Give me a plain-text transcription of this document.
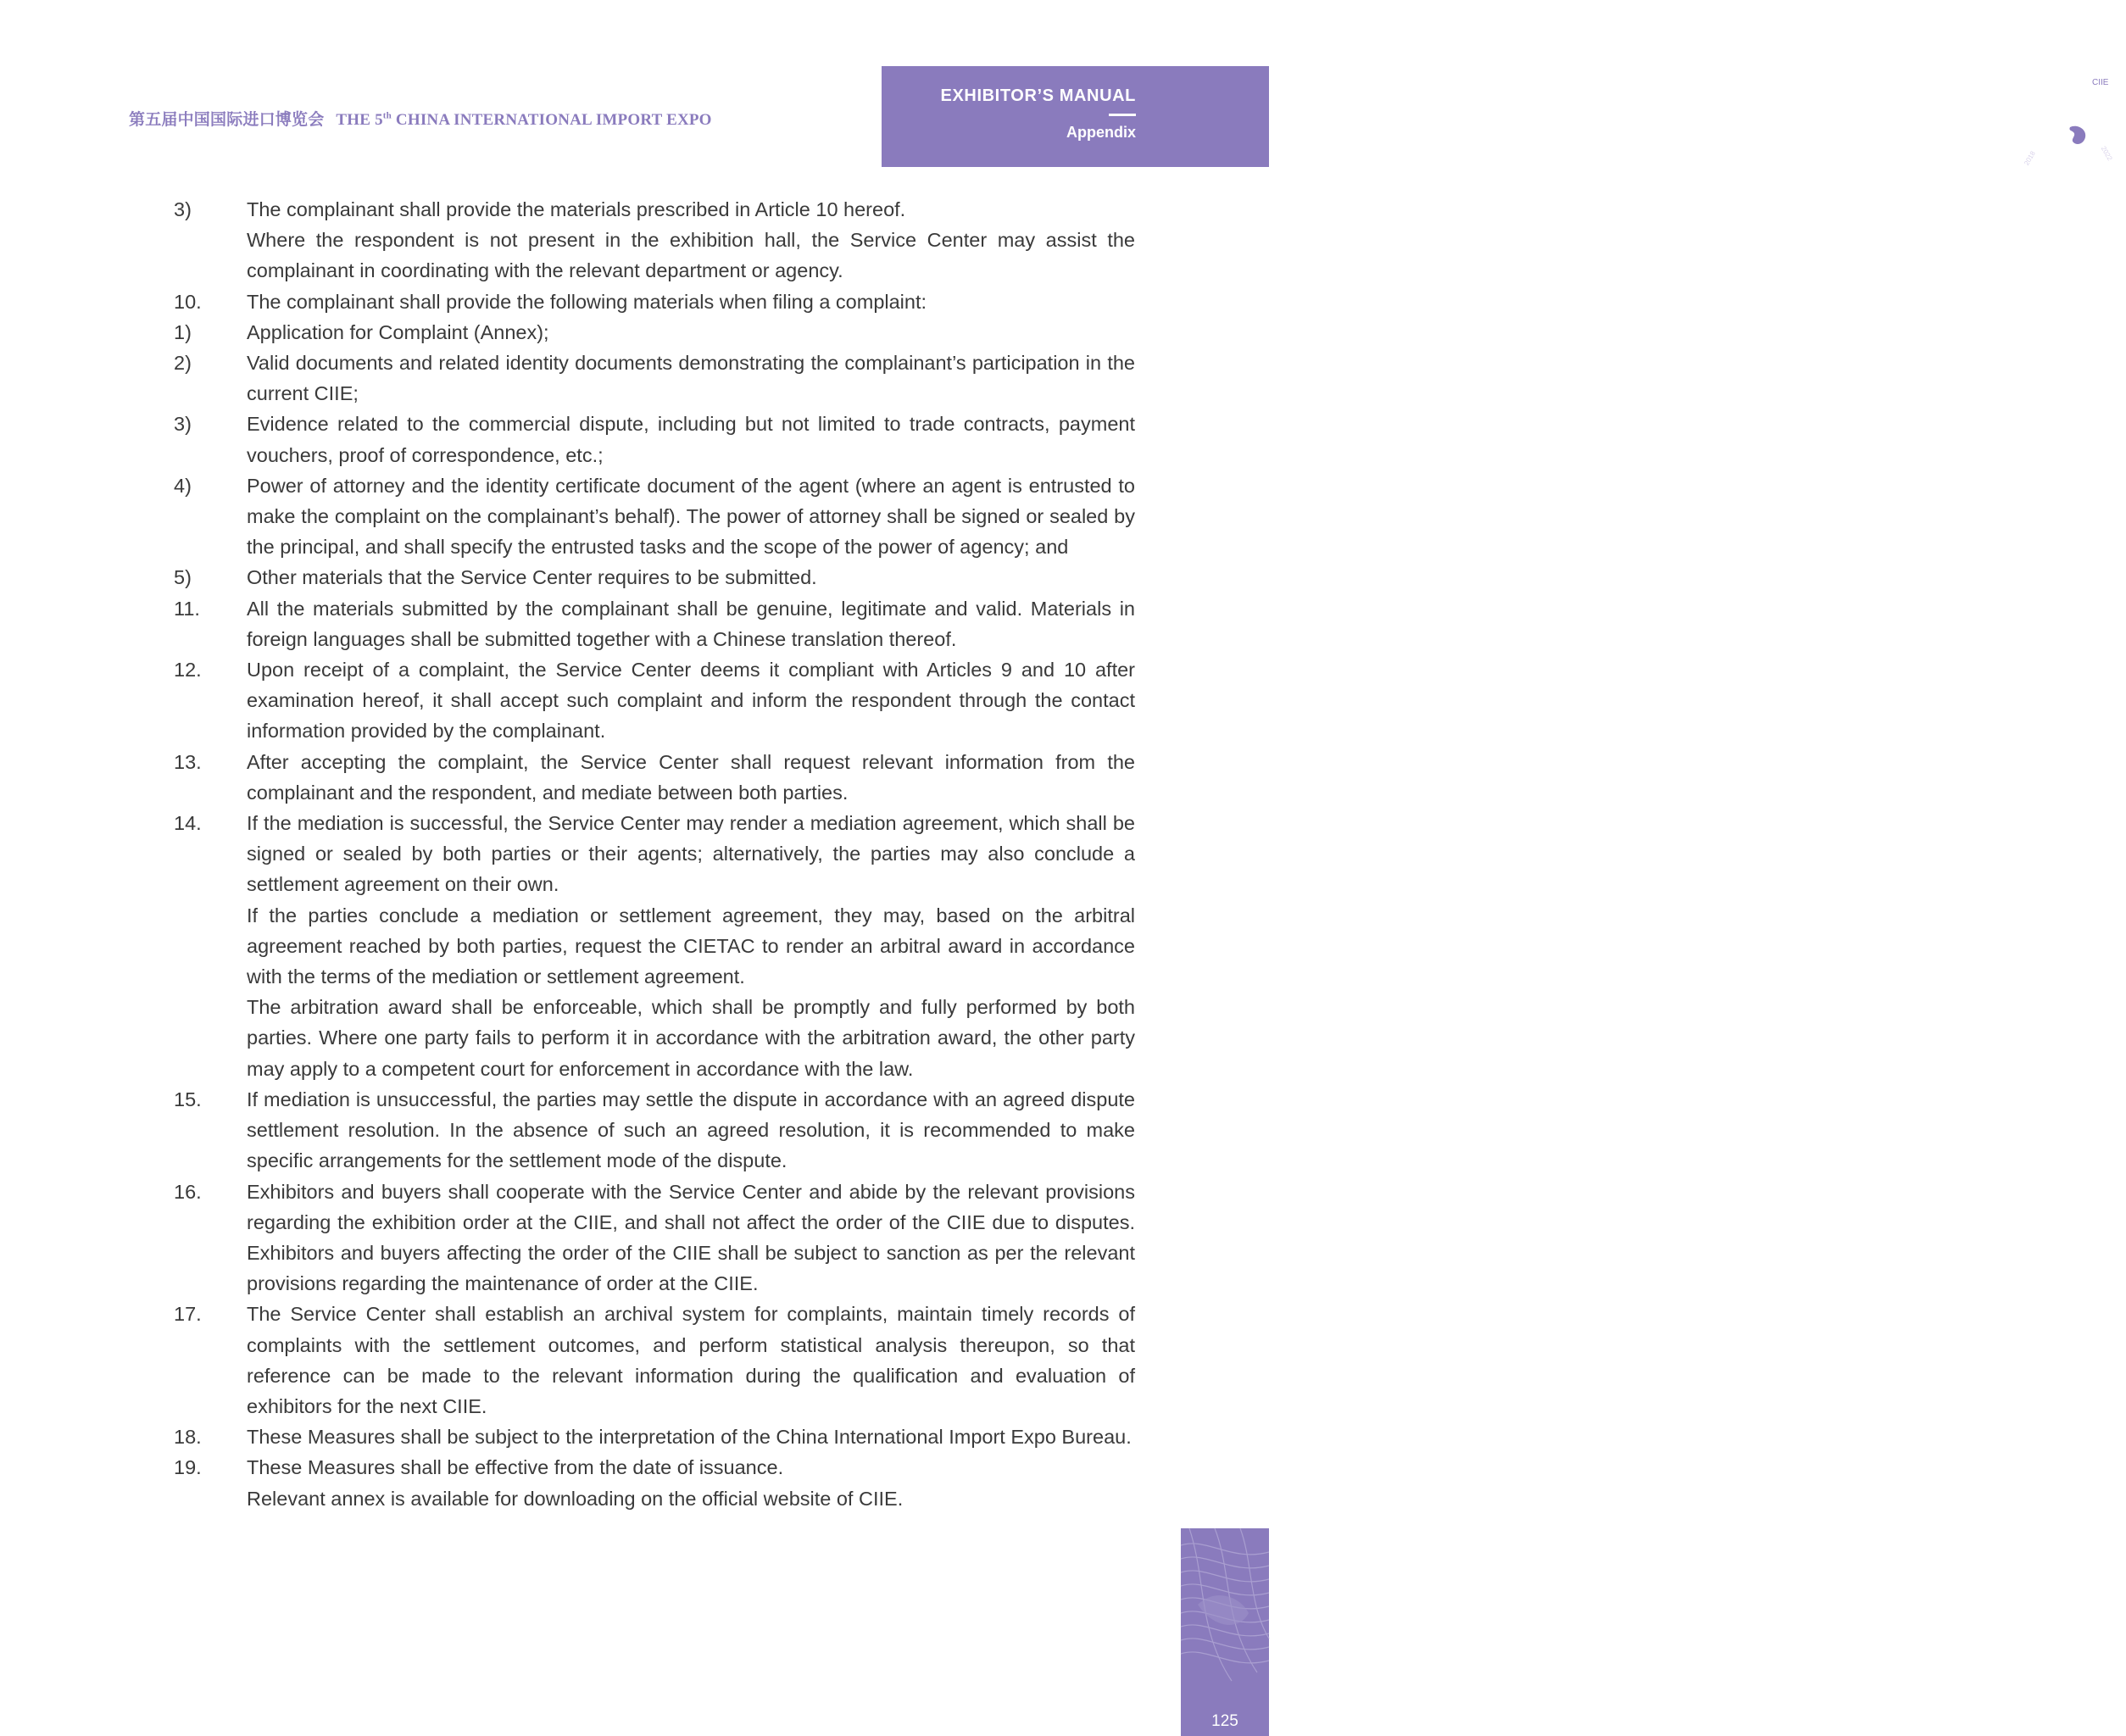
第五届中国国际进口博览会 THE 5th CHINA INTERNATIONAL IMPORT EXPO
EXHIBITOR’S MANUAL
Appendix
CIIE
2018	2022
3)	The complainant shall provide the materials prescribed in Article 10 hereof.
Where the respondent is not present in the exhibition hall, the Service Center may assist the complainant in coordinating with the relevant department or agency.
10. The complainant shall provide the following materials when filing a complaint:
1)	Application for Complaint (Annex);
2)	Valid documents and related identity documents demonstrating the complainant’s participation in the current CIIE;
3)	Evidence related to the commercial dispute, including but not limited to trade contracts, payment vouchers, proof of correspondence, etc.;
4)	Power of attorney and the identity certificate document of the agent (where an agent is entrusted to make the complaint on the complainant’s behalf). The power of attorney shall be signed or sealed by the principal, and shall specify the entrusted tasks and the scope of the power of agency; and
5)	Other materials that the Service Center requires to be submitted.
11. All the materials submitted by the complainant shall be genuine, legitimate and valid. Materials in foreign languages shall be submitted together with a Chinese translation thereof.
12. Upon receipt of a complaint, the Service Center deems it compliant with Articles 9 and 10 after examination hereof, it shall accept such complaint and inform the respondent through the contact information provided by the complainant.
13. After accepting the complaint, the Service Center shall request relevant information from the complainant and the respondent, and mediate between both parties.
14. If the mediation is successful, the Service Center may render a mediation agreement, which shall be signed or sealed by both parties or their agents; alternatively, the parties may also conclude a settlement agreement on their own.
If the parties conclude a mediation or settlement agreement, they may, based on the arbitral agreement reached by both parties, request the CIETAC to render an arbitral award in accordance with the terms of the mediation or settlement agreement.
The arbitration award shall be enforceable, which shall be promptly and fully performed by both parties. Where one party fails to perform it in accordance with the arbitration award, the other party may apply to a competent court for enforcement in accordance with the law.
15. If mediation is unsuccessful, the parties may settle the dispute in accordance with an agreed dispute settlement resolution. In the absence of such an agreed resolution, it is recommended to make specific arrangements for the settlement mode of the dispute.
16. Exhibitors and buyers shall cooperate with the Service Center and abide by the relevant provisions regarding the exhibition order at the CIIE, and shall not affect the order of the CIIE due to disputes. Exhibitors and buyers affecting the order of the CIIE shall be subject to sanction as per the relevant provisions regarding the maintenance of order at the CIIE.
17. The Service Center shall establish an archival system for complaints, maintain timely records of complaints with the settlement outcomes, and perform statistical analysis thereupon, so that reference can be made to the relevant information during the qualification and evaluation of exhibitors for the next CIIE.
18. These Measures shall be subject to the interpretation of the China International Import Expo Bureau.
19. These Measures shall be effective from the date of issuance.
Relevant annex is available for downloading on the official website of CIIE.
125
